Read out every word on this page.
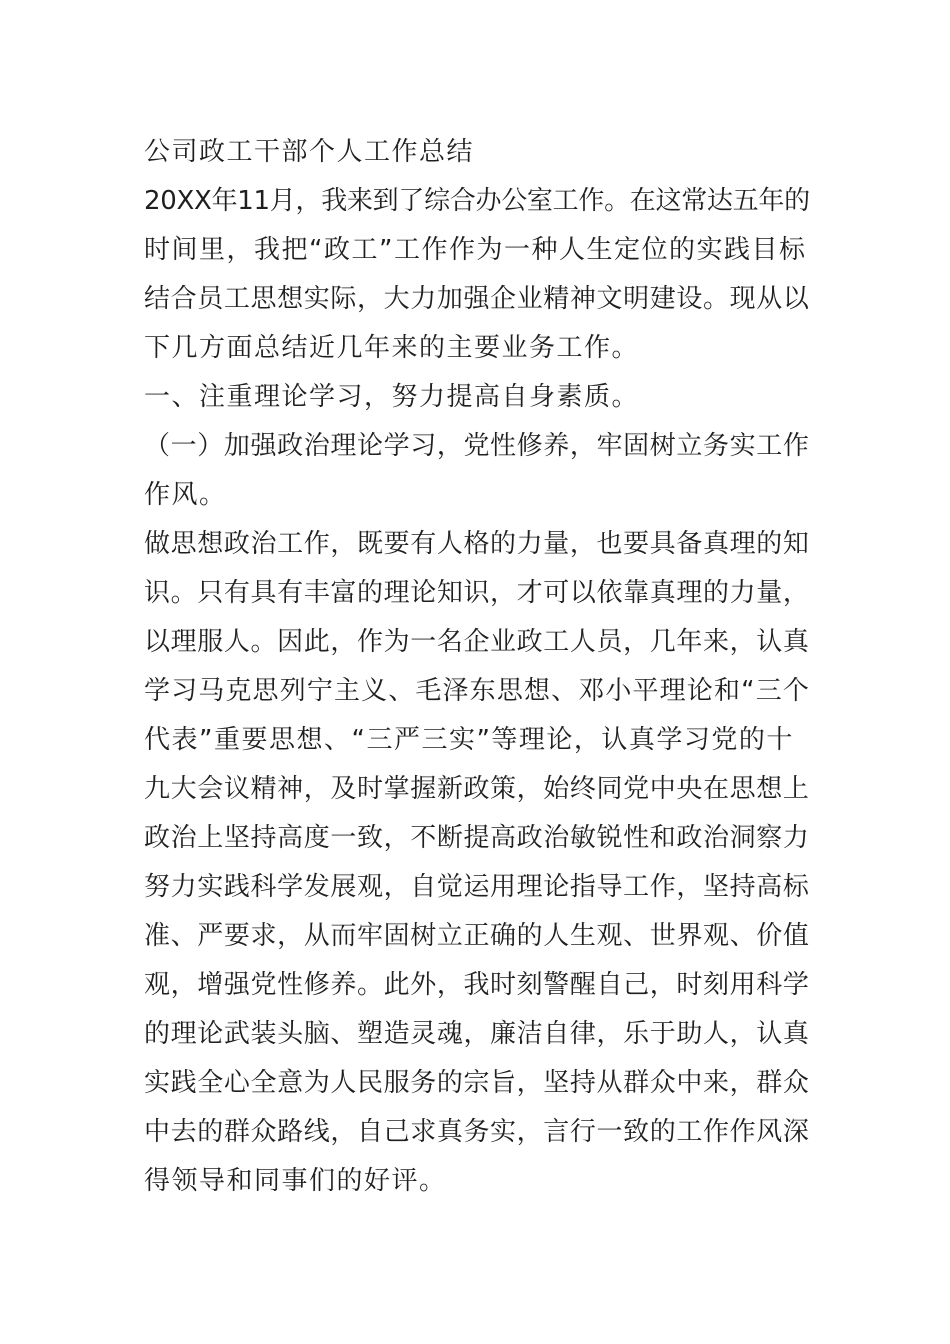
公司政工干部个人工作总结
20XX年11月，我来到了综合办公室工作。在这常达五年的
时间里，我把“政工”工作作为一种人生定位的实践目标
结合员工思想实际，大力加强企业精神文明建设。现从以
下几方面总结近几年来的主要业务工作。
一、注重理论学习，努力提高自身素质。
（一）加强政治理论学习，党性修养，牢固树立务实工作
作风。
做思想政治工作，既要有人格的力量，也要具备真理的知
识。只有具有丰富的理论知识，才可以依靠真理的力量，
以理服人。因此，作为一名企业政工人员，几年来，认真
学习马克思列宁主义、毛泽东思想、邓小平理论和“三个
代表”重要思想、“三严三实”等理论，认真学习党的十
九大会议精神，及时掌握新政策，始终同党中央在思想上
政治上坚持高度一致，不断提高政治敏锐性和政治洞察力
努力实践科学发展观，自觉运用理论指导工作，坚持高标
准、严要求，从而牢固树立正确的人生观、世界观、价值
观，增强党性修养。此外，我时刻警醒自己，时刻用科学
的理论武装头脑、塑造灵魂，廉洁自律，乐于助人，认真
实践全心全意为人民服务的宗旨，坚持从群众中来，群众
中去的群众路线，自己求真务实，言行一致的工作作风深
得领导和同事们的好评。
